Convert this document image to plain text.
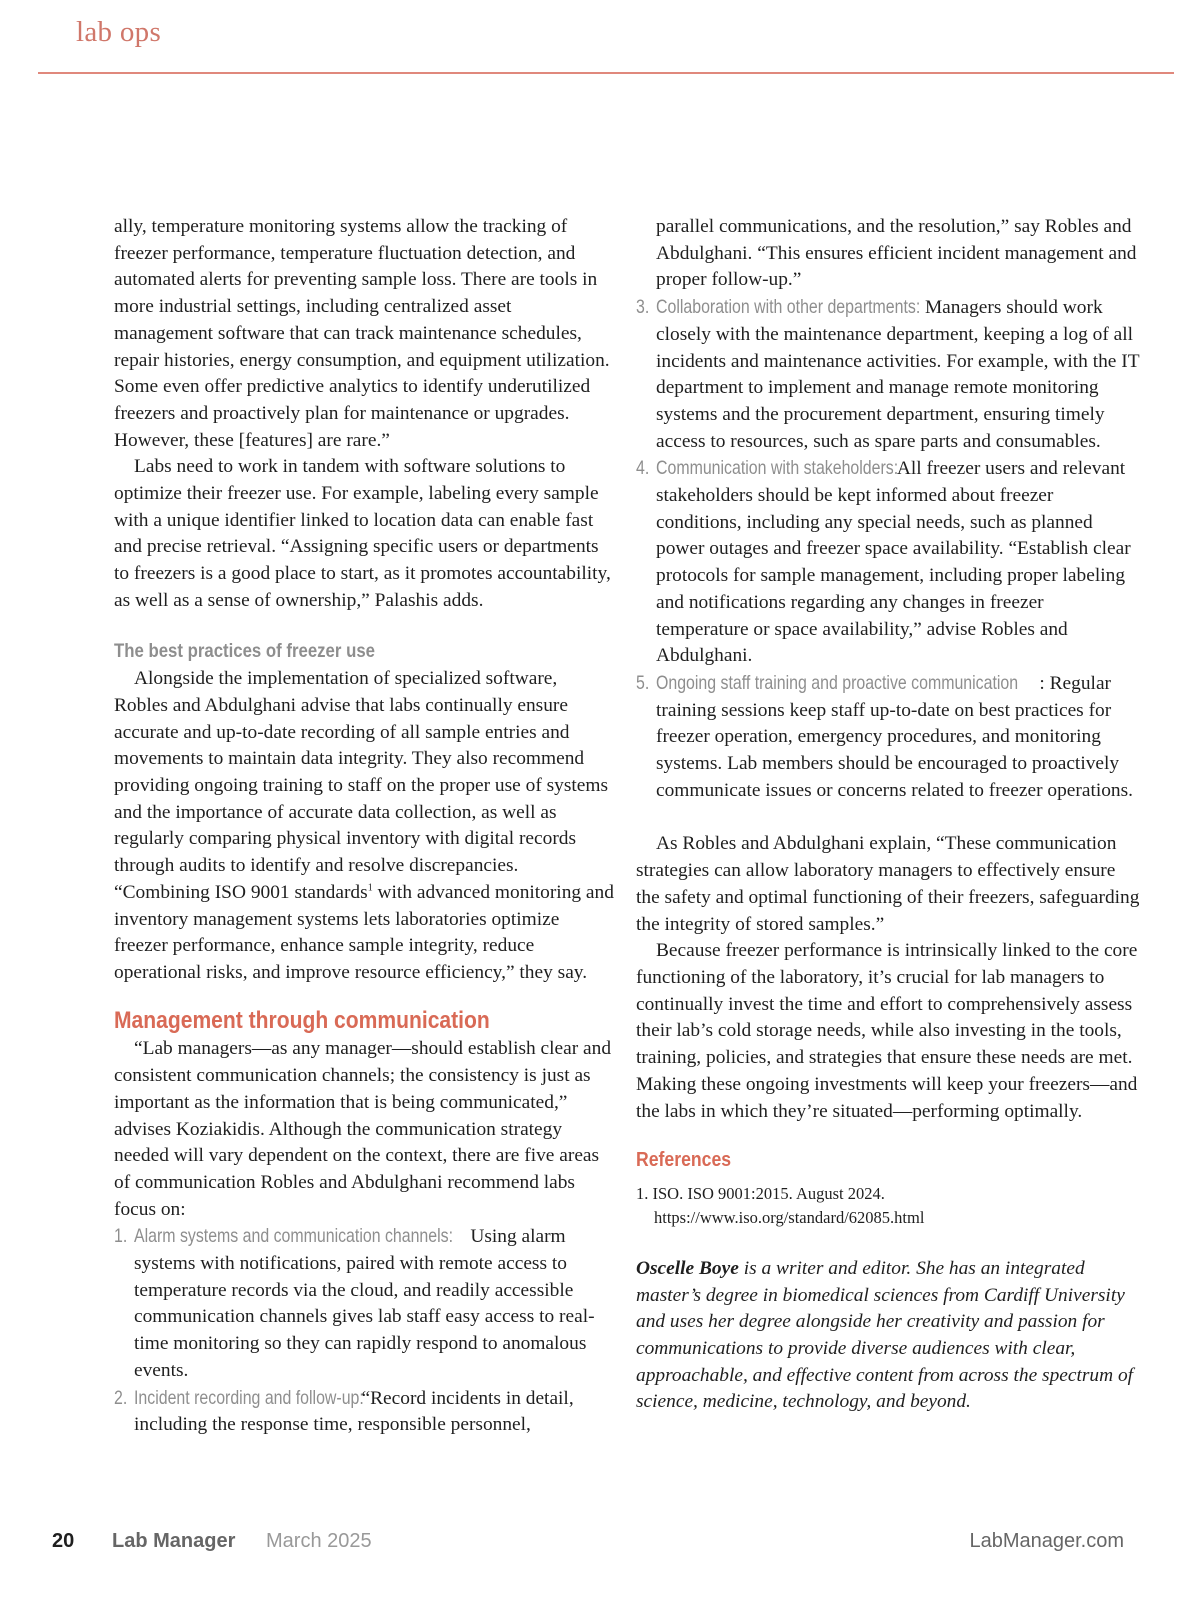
lab ops

ally, temperature monitoring systems allow the tracking of freezer performance, temperature fluctuation detection, and automated alerts for preventing sample loss. There are tools in more industrial settings, including centralized asset management software that can track maintenance schedules, repair histories, energy consumption, and equipment utilization. Some even offer predictive analytics to identify underutilized freezers and proactively plan for maintenance or upgrades. However, these [features] are rare.”

Labs need to work in tandem with software solutions to optimize their freezer use. For example, labeling every sample with a unique identifier linked to location data can enable fast and precise retrieval. “Assigning specific users or departments to freezers is a good place to start, as it promotes accountability, as well as a sense of ownership,” Palashis adds.

The best practices of freezer use

Alongside the implementation of specialized software, Robles and Abdulghani advise that labs continually ensure accurate and up-to-date recording of all sample entries and movements to maintain data integrity. They also recommend providing ongoing training to staff on the proper use of systems and the importance of accurate data collection, as well as regularly comparing physical inventory with digital records through audits to identify and resolve discrepancies. “Combining ISO 9001 standards$^1$ with advanced monitoring and inventory management systems lets laboratories optimize freezer performance, enhance sample integrity, reduce operational risks, and improve resource efficiency,” they say.

Management through communication

“Lab managers—as any manager—should establish clear and consistent communication channels; the consistency is just as important as the information that is being communicated,” advises Koziakidis. Although the communication strategy needed will vary dependent on the context, there are five areas of communication Robles and Abdulghani recommend labs focus on:

1. Alarm systems and communication channels: Using alarm systems with notifications, paired with remote access to temperature records via the cloud, and readily accessible communication channels gives lab staff easy access to real-time monitoring so they can rapidly respond to anomalous events.
2. Incident recording and follow-up: “Record incidents in detail, including the response time, responsible personnel,

parallel communications, and the resolution,” say Robles and Abdulghani. “This ensures efficient incident management and proper follow-up.”

3. Collaboration with other departments: Managers should work closely with the maintenance department, keeping a log of all incidents and maintenance activities. For example, with the IT department to implement and manage remote monitoring systems and the procurement department, ensuring timely access to resources, such as spare parts and consumables.
4. Communication with stakeholders: All freezer users and relevant stakeholders should be kept informed about freezer conditions, including any special needs, such as planned power outages and freezer space availability. “Establish clear protocols for sample management, including proper labeling and notifications regarding any changes in freezer temperature or space availability,” advise Robles and Abdulghani.
5. Ongoing staff training and proactive communication : Regular training sessions keep staff up-to-date on best practices for freezer operation, emergency procedures, and monitoring systems. Lab members should be encouraged to proactively communicate issues or concerns related to freezer operations.

As Robles and Abdulghani explain, “These communication strategies can allow laboratory managers to effectively ensure the safety and optimal functioning of their freezers, safeguarding the integrity of stored samples.”

Because freezer performance is intrinsically linked to the core functioning of the laboratory, it’s crucial for lab managers to continually invest the time and effort to comprehensively assess their lab’s cold storage needs, while also investing in the tools, training, policies, and strategies that ensure these needs are met. Making these ongoing investments will keep your freezers—and the labs in which they’re situated—performing optimally.

References

1. ISO. ISO 9001:2015. August 2024. https://www.iso.org/standard/62085.html

Oscelle Boye is a writer and editor. She has an integrated master’s degree in biomedical sciences from Cardiff University and uses her degree alongside her creativity and passion for communications to provide diverse audiences with clear, approachable, and effective content from across the spectrum of science, medicine, technology, and beyond.

20 Lab Manager March 2025	LabManager.com
